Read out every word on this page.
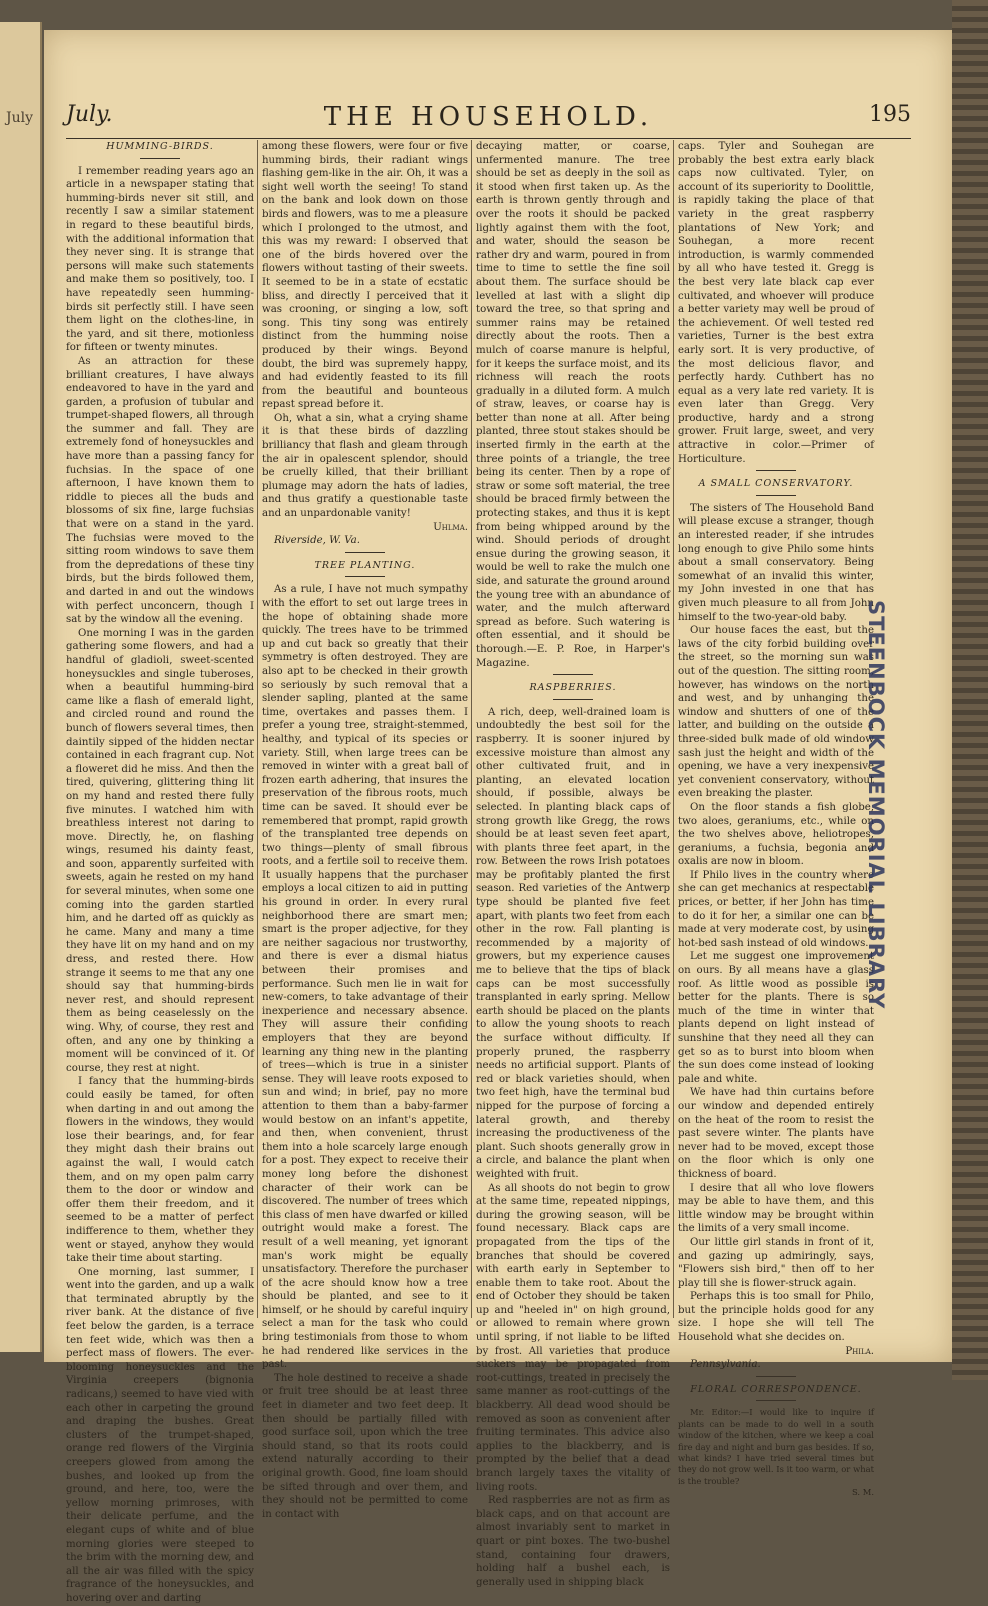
July July.	THE HOUSEHOLD.	195
HUMMING-BIRDS.

I remember reading years ago an article in a newspaper stating that humming-birds never sit still, and recently I saw a similar statement in regard to these beautiful birds, with the additional information that they never sing. It is strange that persons will make such statements and make them so positively, too. I have repeatedly seen humming-birds sit perfectly still. I have seen them light on the clothes-line, in the yard, and sit there, motionless for fifteen or twenty minutes.

As an attraction for these brilliant creatures, I have always endeavored to have in the yard and garden, a profusion of tubular and trumpet-shaped flowers, all through the summer and fall. They are extremely fond of honeysuckles and have more than a passing fancy for fuchsias. In the space of one afternoon, I have known them to riddle to pieces all the buds and blossoms of six fine, large fuchsias that were on a stand in the yard. The fuchsias were moved to the sitting room windows to save them from the depredations of these tiny birds, but the birds followed them, and darted in and out the windows with perfect unconcern, though I sat by the window all the evening.

One morning I was in the garden gathering some flowers, and had a handful of gladioli, sweet-scented honeysuckles and single tuberoses, when a beautiful humming-bird came like a flash of emerald light, and circled round and round the bunch of flowers several times, then daintily sipped of the hidden nectar contained in each fragrant cup. Not a floweret did he miss. And then the tired, quivering, glittering thing lit on my hand and rested there fully five minutes. I watched him with breathless interest not daring to move. Directly, he, on flashing wings, resumed his dainty feast, and soon, apparently surfeited with sweets, again he rested on my hand for several minutes, when some one coming into the garden startled him, and he darted off as quickly as he came. Many and many a time they have lit on my hand and on my dress, and rested there. How strange it seems to me that any one should say that humming-birds never rest, and should represent them as being ceaselessly on the wing. Why, of course, they rest and often, and any one by thinking a moment will be convinced of it. Of course, they rest at night.

I fancy that the humming-birds could easily be tamed, for often when darting in and out among the flowers in the windows, they would lose their bearings, and, for fear they might dash their brains out against the wall, I would catch them, and on my open palm carry them to the door or window and offer them their freedom, and it seemed to be a matter of perfect indifference to them, whether they went or stayed, anyhow they would take their time about starting.

One morning, last summer, I went into the garden, and up a walk that terminated abruptly by the river bank. At the distance of five feet below the garden, is a terrace ten feet wide, which was then a perfect mass of flowers. The ever-blooming honeysuckles and the Virginia creepers (bignonia radicans,) seemed to have vied with each other in carpeting the ground and draping the bushes. Great clusters of the trumpet-shaped, orange red flowers of the Virginia creepers glowed from among the bushes, and looked up from the ground, and here, too, were the yellow morning primroses, with their delicate perfume, and the elegant cups of white and of blue morning glories were steeped to the brim with the morning dew, and all the air was filled with the spicy fragrance of the honeysuckles, and hovering over and darting

among these flowers, were four or five humming birds, their radiant wings flashing gem-like in the air. Oh, it was a sight well worth the seeing! To stand on the bank and look down on those birds and flowers, was to me a pleasure which I prolonged to the utmost, and this was my reward: I observed that one of the birds hovered over the flowers without tasting of their sweets. It seemed to be in a state of ecstatic bliss, and directly I perceived that it was crooning, or singing a low, soft song. This tiny song was entirely distinct from the humming noise produced by their wings. Beyond doubt, the bird was supremely happy, and had evidently feasted to its fill from the beautiful and bounteous repast spread before it.

Oh, what a sin, what a crying shame it is that these birds of dazzling brilliancy that flash and gleam through the air in opalescent splendor, should be cruelly killed, that their brilliant plumage may adorn the hats of ladies, and thus gratify a questionable taste and an unpardonable vanity!

Uhlma.
Riverside, W. Va.
TREE PLANTING.

As a rule, I have not much sympathy with the effort to set out large trees in the hope of obtaining shade more quickly. The trees have to be trimmed up and cut back so greatly that their symmetry is often destroyed. They are also apt to be checked in their growth so seriously by such removal that a slender sapling, planted at the same time, overtakes and passes them. I prefer a young tree, straight-stemmed, healthy, and typical of its species or variety. Still, when large trees can be removed in winter with a great ball of frozen earth adhering, that insures the preservation of the fibrous roots, much time can be saved. It should ever be remembered that prompt, rapid growth of the transplanted tree depends on two things—plenty of small fibrous roots, and a fertile soil to receive them. It usually happens that the purchaser employs a local citizen to aid in putting his ground in order. In every rural neighborhood there are smart men; smart is the proper adjective, for they are neither sagacious nor trustworthy, and there is ever a dismal hiatus between their promises and performance. Such men lie in wait for new-comers, to take advantage of their inexperience and necessary absence. They will assure their confiding employers that they are beyond learning any thing new in the planting of trees—which is true in a sinister sense. They will leave roots exposed to sun and wind; in brief, pay no more attention to them than a baby-farmer would bestow on an infant's appetite, and then, when convenient, thrust them into a hole scarcely large enough for a post. They expect to receive their money long before the dishonest character of their work can be discovered. The number of trees which this class of men have dwarfed or killed outright would make a forest. The result of a well meaning, yet ignorant man's work might be equally unsatisfactory. Therefore the purchaser of the acre should know how a tree should be planted, and see to it himself, or he should by careful inquiry select a man for the task who could bring testimonials from those to whom he had rendered like services in the past.

The hole destined to receive a shade or fruit tree should be at least three feet in diameter and two feet deep. It then should be partially filled with good surface soil, upon which the tree should stand, so that its roots could extend naturally according to their original growth. Good, fine loam should be sifted through and over them, and they should not be permitted to come in contact with

decaying matter, or coarse, unfermented manure. The tree should be set as deeply in the soil as it stood when first taken up. As the earth is thrown gently through and over the roots it should be packed lightly against them with the foot, and water, should the season be rather dry and warm, poured in from time to time to settle the fine soil about them. The surface should be levelled at last with a slight dip toward the tree, so that spring and summer rains may be retained directly about the roots. Then a mulch of coarse manure is helpful, for it keeps the surface moist, and its richness will reach the roots gradually in a diluted form. A mulch of straw, leaves, or coarse hay is better than none at all. After being planted, three stout stakes should be inserted firmly in the earth at the three points of a triangle, the tree being its center. Then by a rope of straw or some soft material, the tree should be braced firmly between the protecting stakes, and thus it is kept from being whipped around by the wind. Should periods of drought ensue during the growing season, it would be well to rake the mulch one side, and saturate the ground around the young tree with an abundance of water, and the mulch afterward spread as before. Such watering is often essential, and it should be thorough.—E. P. Roe, in Harper's Magazine.

RASPBERRIES.

A rich, deep, well-drained loam is undoubtedly the best soil for the raspberry. It is sooner injured by excessive moisture than almost any other cultivated fruit, and in planting, an elevated location should, if possible, always be selected. In planting black caps of strong growth like Gregg, the rows should be at least seven feet apart, with plants three feet apart, in the row. Between the rows Irish potatoes may be profitably planted the first season. Red varieties of the Antwerp type should be planted five feet apart, with plants two feet from each other in the row. Fall planting is recommended by a majority of growers, but my experience causes me to believe that the tips of black caps can be most successfully transplanted in early spring. Mellow earth should be placed on the plants to allow the young shoots to reach the surface without difficulty. If properly pruned, the raspberry needs no artificial support. Plants of red or black varieties should, when two feet high, have the terminal bud nipped for the purpose of forcing a lateral growth, and thereby increasing the productiveness of the plant. Such shoots generally grow in a circle, and balance the plant when weighted with fruit.

As all shoots do not begin to grow at the same time, repeated nippings, during the growing season, will be found necessary. Black caps are propagated from the tips of the branches that should be covered with earth early in September to enable them to take root. About the end of October they should be taken up and "heeled in" on high ground, or allowed to remain where grown until spring, if not liable to be lifted by frost. All varieties that produce suckers may be propagated from root-cuttings, treated in precisely the same manner as root-cuttings of the blackberry. All dead wood should be removed as soon as convenient after fruiting terminates. This advice also applies to the blackberry, and is prompted by the belief that a dead branch largely taxes the vitality of living roots.

Red raspberries are not as firm as black caps, and on that account are almost invariably sent to market in quart or pint boxes. The two-bushel stand, containing four drawers, holding half a bushel each, is generally used in shipping black

caps. Tyler and Souhegan are probably the best extra early black caps now cultivated. Tyler, on account of its superiority to Doolittle, is rapidly taking the place of that variety in the great raspberry plantations of New York; and Souhegan, a more recent introduction, is warmly commended by all who have tested it. Gregg is the best very late black cap ever cultivated, and whoever will produce a better variety may well be proud of the achievement. Of well tested red varieties, Turner is the best extra early sort. It is very productive, of the most delicious flavor, and perfectly hardy. Cuthbert has no equal as a very late red variety. It is even later than Gregg. Very productive, hardy and a strong grower. Fruit large, sweet, and very attractive in color.—Primer of Horticulture.

A SMALL CONSERVATORY.

The sisters of The Household Band will please excuse a stranger, though an interested reader, if she intrudes long enough to give Philo some hints about a small conservatory. Being somewhat of an invalid this winter, my John invested in one that has given much pleasure to all from John himself to the two-year-old baby.

Our house faces the east, but the laws of the city forbid building over the street, so the morning sun was out of the question. The sitting room, however, has windows on the north and west, and by unhanging the window and shutters of one of the latter, and building on the outside a three-sided bulk made of old window sash just the height and width of the opening, we have a very inexpensive yet convenient conservatory, without even breaking the plaster.

On the floor stands a fish globe, two aloes, geraniums, etc., while on the two shelves above, heliotropes, geraniums, a fuchsia, begonia and oxalis are now in bloom.

If Philo lives in the country where she can get mechanics at respectable prices, or better, if her John has time to do it for her, a similar one can be made at very moderate cost, by using hot-bed sash instead of old windows.

Let me suggest one improvement on ours. By all means have a glass roof. As little wood as possible is better for the plants. There is so much of the time in winter that plants depend on light instead of sunshine that they need all they can get so as to burst into bloom when the sun does come instead of looking pale and white.

We have had thin curtains before our window and depended entirely on the heat of the room to resist the past severe winter. The plants have never had to be moved, except those on the floor which is only one thickness of board.

I desire that all who love flowers may be able to have them, and this little window may be brought within the limits of a very small income.

Our little girl stands in front of it, and gazing up admiringly, says, "Flowers sish bird," then off to her play till she is flower-struck again.

Perhaps this is too small for Philo, but the principle holds good for any size. I hope she will tell The Household what she decides on.

Phila.
Pennsylvania.
FLORAL CORRESPONDENCE.

Mr. Editor:—I would like to inquire if plants can be made to do well in a south window of the kitchen, where we keep a coal fire day and night and burn gas besides. If so, what kinds? I have tried several times but they do not grow well. Is it too warm, or what is the trouble?

S. M.
